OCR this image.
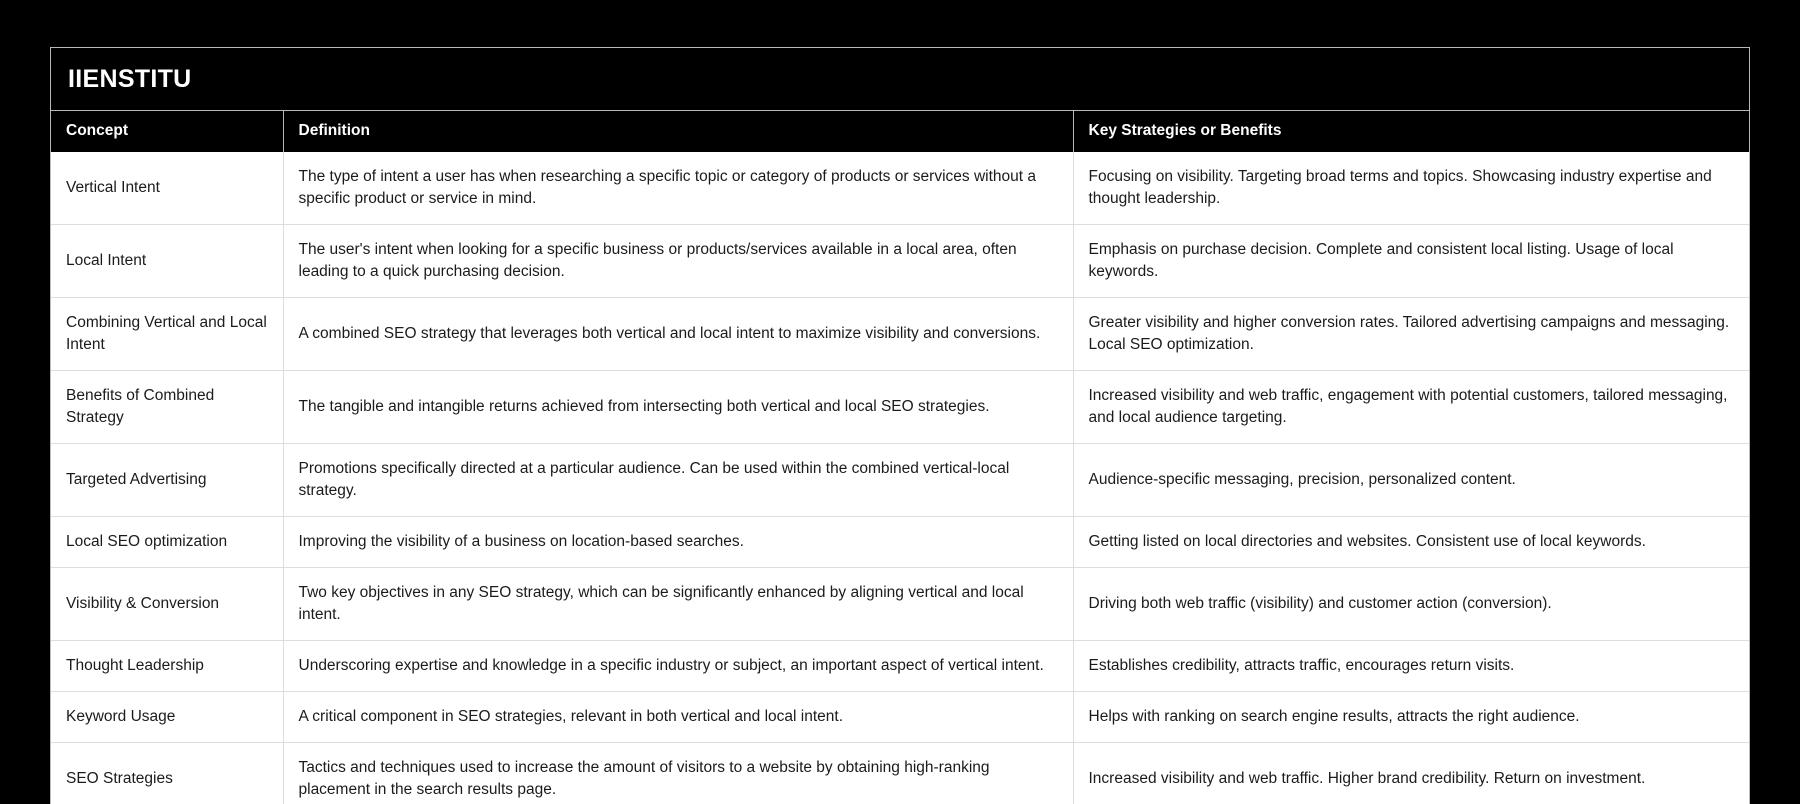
IIENSTITU
Concept	Definition	Key Strategies or Benefits
Vertical Intent	The type of intent a user has when researching a specific topic or category of products or services without a specific product or service in mind.	Focusing on visibility. Targeting broad terms and topics. Showcasing industry expertise and thought leadership.
Local Intent	The user's intent when looking for a specific business or products/services available in a local area, often leading to a quick purchasing decision.	Emphasis on purchase decision. Complete and consistent local listing. Usage of local keywords.
Combining Vertical and Local Intent	A combined SEO strategy that leverages both vertical and local intent to maximize visibility and conversions.	Greater visibility and higher conversion rates. Tailored advertising campaigns and messaging. Local SEO optimization.
Benefits of Combined Strategy	The tangible and intangible returns achieved from intersecting both vertical and local SEO strategies.	Increased visibility and web traffic, engagement with potential customers, tailored messaging, and local audience targeting.
Targeted Advertising	Promotions specifically directed at a particular audience. Can be used within the combined vertical-local strategy.	Audience-specific messaging, precision, personalized content.
Local SEO optimization	Improving the visibility of a business on location-based searches.	Getting listed on local directories and websites. Consistent use of local keywords.
Visibility & Conversion	Two key objectives in any SEO strategy, which can be significantly enhanced by aligning vertical and local intent.	Driving both web traffic (visibility) and customer action (conversion).
Thought Leadership	Underscoring expertise and knowledge in a specific industry or subject, an important aspect of vertical intent.	Establishes credibility, attracts traffic, encourages return visits.
Keyword Usage	A critical component in SEO strategies, relevant in both vertical and local intent.	Helps with ranking on search engine results, attracts the right audience.
SEO Strategies	Tactics and techniques used to increase the amount of visitors to a website by obtaining high-ranking placement in the search results page.	Increased visibility and web traffic. Higher brand credibility. Return on investment.
